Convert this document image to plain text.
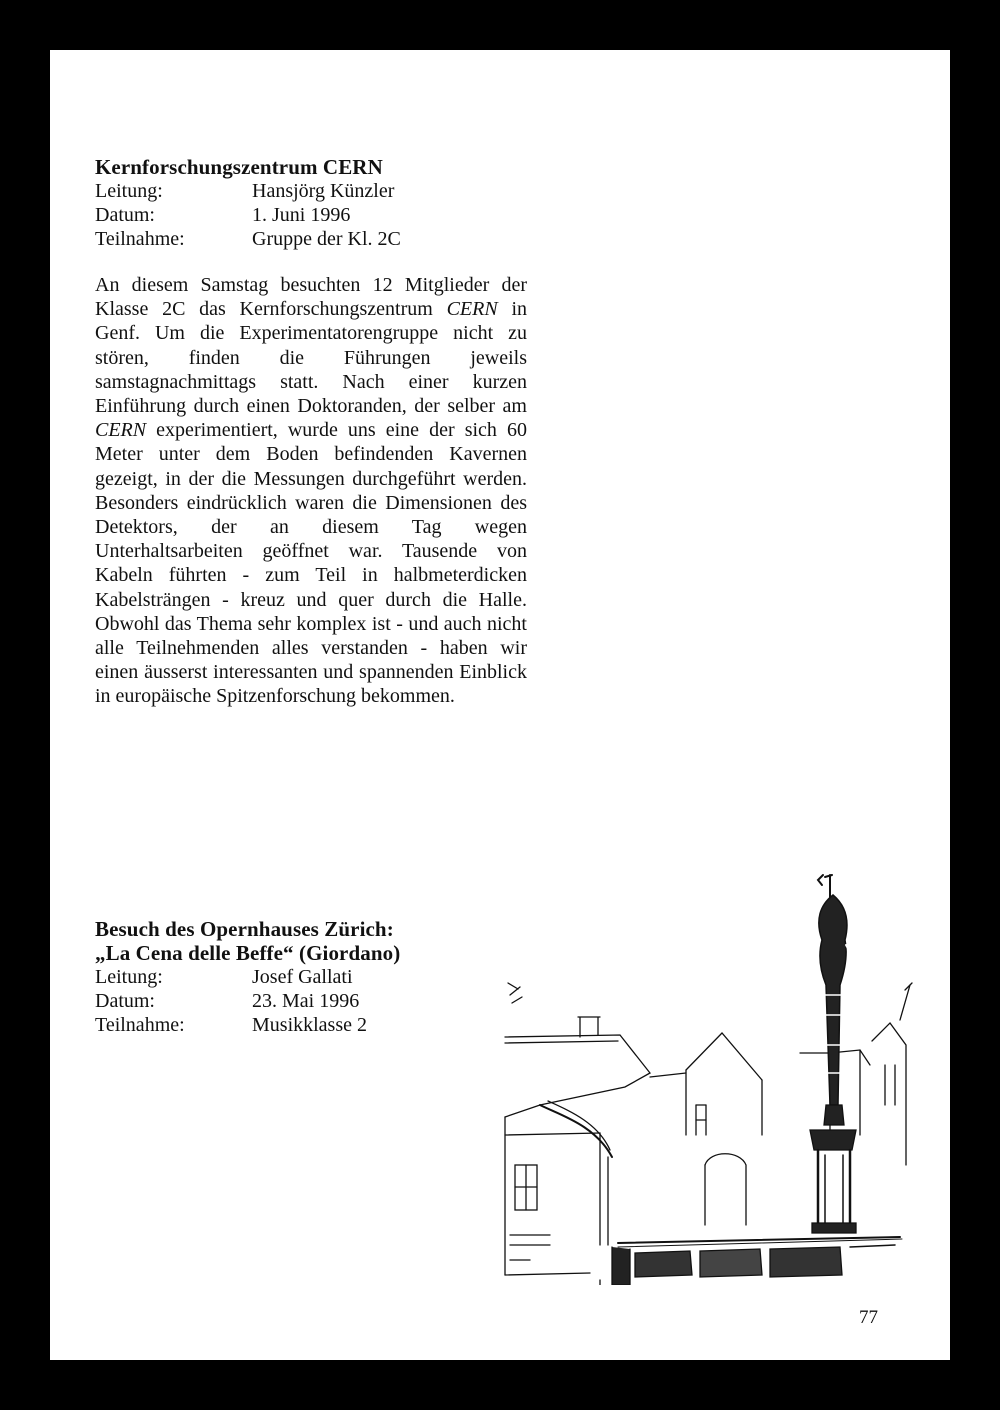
Kernforschungszentrum CERN
Leitung:	Hansjörg Künzler
Datum:	1. Juni 1996
Teilnahme:	Gruppe der Kl. 2C

An diesem Samstag besuchten 12 Mitglieder der Klasse 2C das Kernforschungszentrum CERN in Genf. Um die Experimentatorengruppe nicht zu stören, finden die Führungen jeweils samstagnachmittags statt. Nach einer kurzen Einführung durch einen Doktoranden, der selber am CERN experimentiert, wurde uns eine der sich 60 Meter unter dem Boden befindenden Kavernen gezeigt, in der die Messungen durchgeführt werden. Besonders eindrücklich waren die Dimensionen des Detektors, der an diesem Tag wegen Unterhaltsarbeiten geöffnet war. Tausende von Kabeln führten - zum Teil in halbmeterdicken Kabelsträngen - kreuz und quer durch die Halle. Obwohl das Thema sehr komplex ist - und auch nicht alle Teilnehmenden alles verstanden - haben wir einen äusserst interessanten und spannenden Einblick in europäische Spitzenforschung bekommen.

Besuch des Opernhauses Zürich:
„La Cena delle Beffe“ (Giordano)
Leitung:	Josef Gallati
Datum:	23. Mai 1996
Teilnahme:	Musikklasse 2
77
